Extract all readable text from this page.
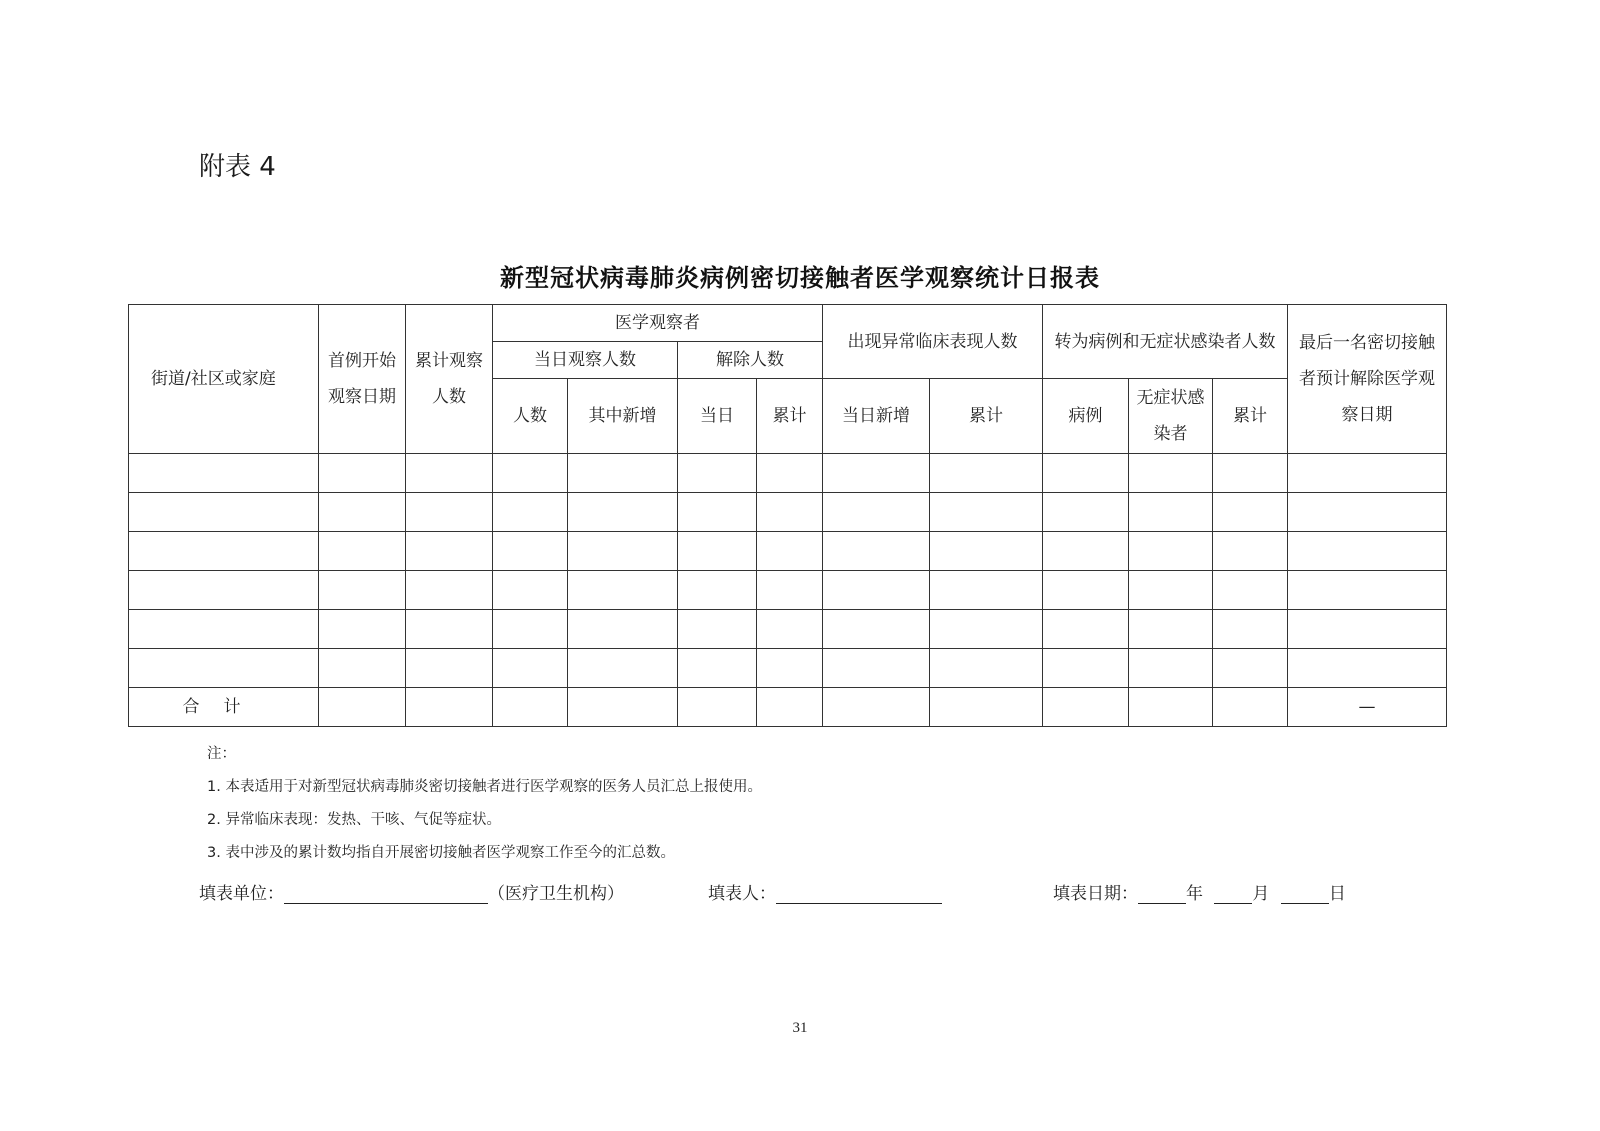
附表 4
新型冠状病毒肺炎病例密切接触者医学观察统计日报表
街道/社区或家庭	首例开始观察日期	累计观察人数	医学观察者				出现异常临床表现人数		转为病例和无症状感染者人数			最后一名密切接触者预计解除医学观察日期
			当日观察人数		解除人数							
			人数	其中新增	当日	累计	当日新增	累计	病例	无症状感染者	累计	

合计												—
注：
1. 本表适用于对新型冠状病毒肺炎密切接触者进行医学观察的医务人员汇总上报使用。
2. 异常临床表现：发热、干咳、气促等症状。
3. 表中涉及的累计数均指自开展密切接触者医学观察工作至今的汇总数。
填表单位：	（医疗卫生机构）	填表人：	填表日期：	年	月	日
31
